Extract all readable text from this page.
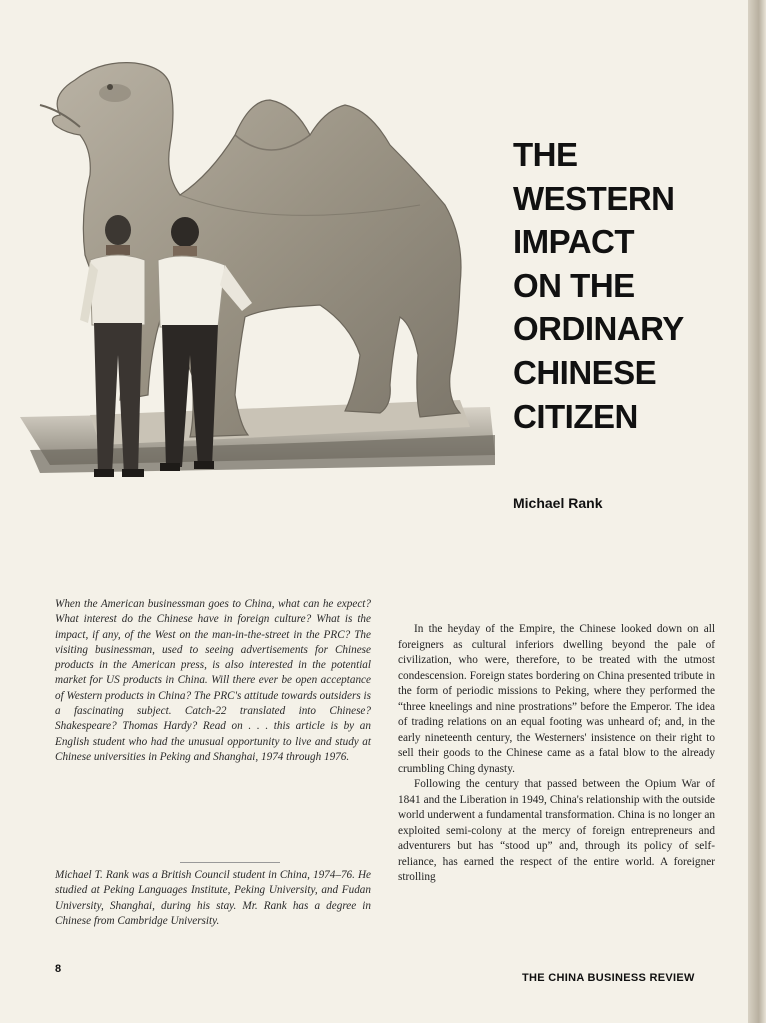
THE
WESTERN
IMPACT
ON THE
ORDINARY
CHINESE
CITIZEN
Michael Rank

When the American businessman goes to China, what can he expect? What interest do the Chinese have in foreign culture? What is the impact, if any, of the West on the man-in-the-street in the PRC? The visiting businessman, used to seeing advertisements for Chinese products in the American press, is also interested in the potential market for US products in China. Will there ever be open acceptance of Western products in China? The PRC's attitude towards outsiders is a fascinating subject. Catch-22 translated into Chinese? Shakespeare? Thomas Hardy? Read on . . . this article is by an English student who had the unusual opportunity to live and study at Chinese universities in Peking and Shanghai, 1974 through 1976.

Michael T. Rank was a British Council student in China, 1974–76. He studied at Peking Languages Institute, Peking University, and Fudan University, Shanghai, during his stay. Mr. Rank has a degree in Chinese from Cambridge University.

In the heyday of the Empire, the Chinese looked down on all foreigners as cultural inferiors dwelling beyond the pale of civilization, who were, therefore, to be treated with the utmost condescension. Foreign states bordering on China presented tribute in the form of periodic missions to Peking, where they performed the “three kneelings and nine prostrations” before the Emperor. The idea of trading relations on an equal footing was unheard of; and, in the early nineteenth century, the Westerners' insistence on their right to sell their goods to the Chinese came as a fatal blow to the already crumbling Ching dynasty.

Following the century that passed between the Opium War of 1841 and the Liberation in 1949, China's relationship with the outside world underwent a fundamental transformation. China is no longer an exploited semi-colony at the mercy of foreign entrepreneurs and adventurers but has “stood up” and, through its policy of self-reliance, has earned the respect of the entire world. A foreigner strolling

8
THE CHINA BUSINESS REVIEW
